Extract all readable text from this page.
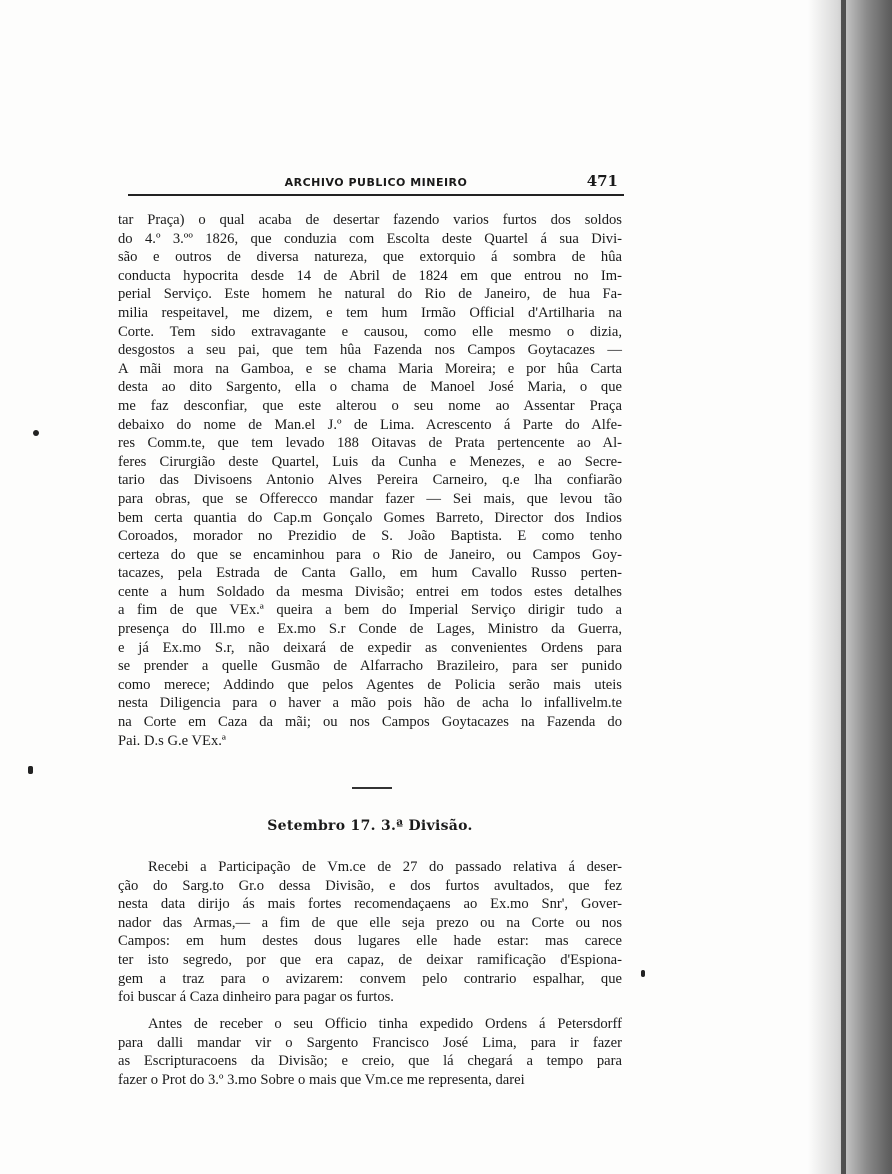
ARCHIVO PUBLICO MINEIRO	471
tar Praça) o qual acaba de desertar fazendo varios furtos dos soldos
do 4.º 3.ºº 1826, que conduzia com Escolta deste Quartel á sua Divi-
são e outros de diversa natureza, que extorquio á sombra de hûa
conducta hypocrita desde 14 de Abril de 1824 em que entrou no Im-
perial Serviço. Este homem he natural do Rio de Janeiro, de hua Fa-
milia respeitavel, me dizem, e tem hum Irmão Official d'Artilharia na
Corte. Tem sido extravagante e causou, como elle mesmo o dizia,
desgostos a seu pai, que tem hûa Fazenda nos Campos Goytacazes —
A mãi mora na Gamboa, e se chama Maria Moreira; e por hûa Carta
desta ao dito Sargento, ella o chama de Manoel José Maria, o que
me faz desconfiar, que este alterou o seu nome ao Assentar Praça
debaixo do nome de Man.el J.º de Lima. Acrescento á Parte do Alfe-
res Comm.te, que tem levado 188 Oitavas de Prata pertencente ao Al-
feres Cirurgião deste Quartel, Luis da Cunha e Menezes, e ao Secre-
tario das Divisoens Antonio Alves Pereira Carneiro, q.e lha confiarão
para obras, que se Offerecco mandar fazer — Sei mais, que levou tão
bem certa quantia do Cap.m Gonçalo Gomes Barreto, Director dos Indios
Coroados, morador no Prezidio de S. João Baptista. E como tenho
certeza do que se encaminhou para o Rio de Janeiro, ou Campos Goy-
tacazes, pela Estrada de Canta Gallo, em hum Cavallo Russo perten-
cente a hum Soldado da mesma Divisão; entrei em todos estes detalhes
a fim de que VEx.ª queira a bem do Imperial Serviço dirigir tudo a
presença do Ill.mo e Ex.mo S.r Conde de Lages, Ministro da Guerra,
e já Ex.mo S.r, não deixará de expedir as convenientes Ordens para
se prender a quelle Gusmão de Alfarracho Brazileiro, para ser punido
como merece; Addindo que pelos Agentes de Policia serão mais uteis
nesta Diligencia para o haver a mão pois hão de acha lo infallivelm.te
na Corte em Caza da mãi; ou nos Campos Goytacazes na Fazenda do
Pai. D.s G.e VEx.ª
Setembro 17. 3.ª Divisão.
Recebi a Participação de Vm.ce de 27 do passado relativa á deser-
ção do Sarg.to Gr.o dessa Divisão, e dos furtos avultados, que fez
nesta data dirijo ás mais fortes recomendaçaens ao Ex.mo Snr', Gover-
nador das Armas,— a fim de que elle seja prezo ou na Corte ou nos
Campos: em hum destes dous lugares elle hade estar: mas carece
ter isto segredo, por que era capaz, de deixar ramificação d'Espiona-
gem a traz para o avizarem: convem pelo contrario espalhar, que
foi buscar á Caza dinheiro para pagar os furtos.
Antes de receber o seu Officio tinha expedido Ordens á Petersdorff
para dalli mandar vir o Sargento Francisco José Lima, para ir fazer
as Escripturacoens da Divisão; e creio, que lá chegará a tempo para
fazer o Prot do 3.º 3.mo Sobre o mais que Vm.ce me representa, darei
